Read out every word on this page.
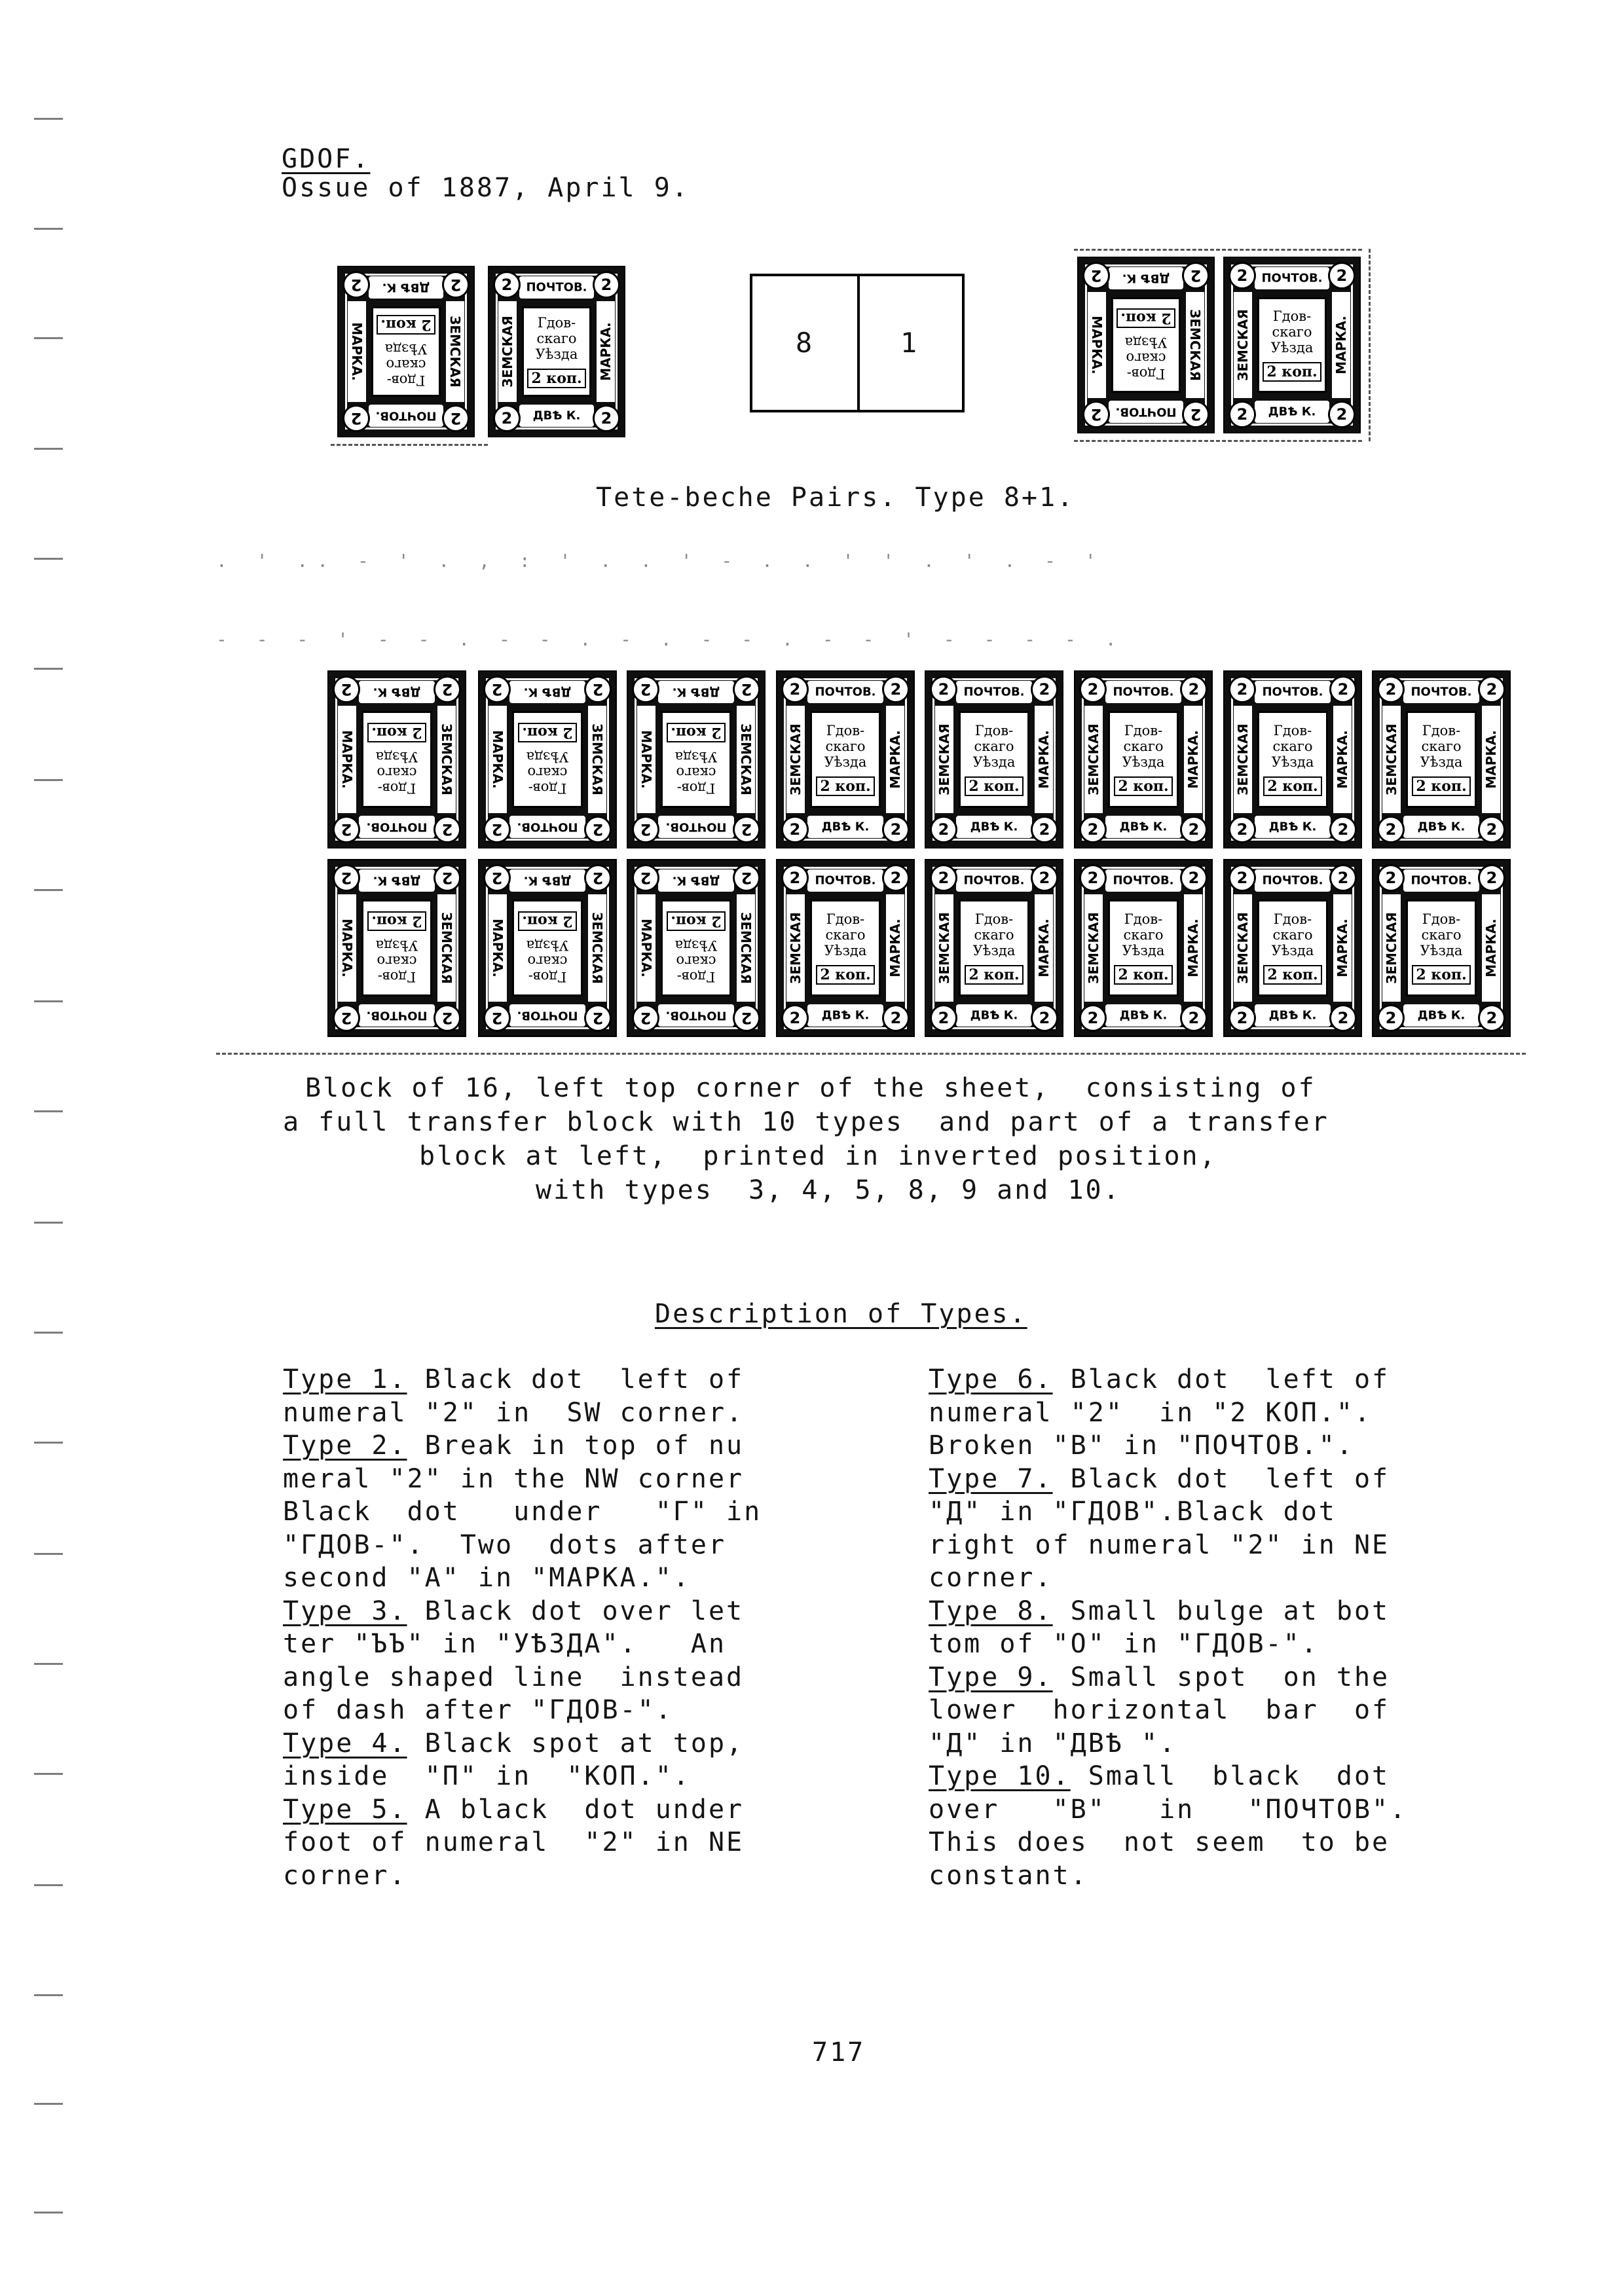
GDOF.
Ossue of 1887, April 9.
ПОЧТОВ.
ДВѢ К.
ЗЕМСКАЯ
МАРКА.
2
2
2
2
Гдов-
скаго
Уѣзда
2 коп.
ПОЧТОВ.
ДВѢ К.
ЗЕМСКАЯ	МАРКА.
2	2
2	2
Гдов-
скаго
Уѣзда
2 коп.
8	1
ПОЧТОВ.
ДВѢ К.
ЗЕМСКАЯ
МАРКА.
2
2
2
2
Гдов-
скаго
Уѣзда
2 коп.
ПОЧТОВ.
ДВѢ К.
ЗЕМСКАЯ	МАРКА.
2	2
2	2
Гдов-
скаго
Уѣзда
2 коп.
Tete-beche Pairs. Type 8+1.
. ' .. - ' . , : ' . . ' - . . ' ' . ' . - '
- - - ' - - . - - . - . - - . - - ' - - - - .
ПОЧТОВ.
ДВѢ К.
ЗЕМСКАЯ
МАРКА.
2
2
2
2
Гдов-
скаго
Уѣзда
2 коп.
ПОЧТОВ.
ДВѢ К.
ЗЕМСКАЯ
МАРКА.
2
2
2
2
Гдов-
скаго
Уѣзда
2 коп.
ПОЧТОВ.
ДВѢ К.
ЗЕМСКАЯ
МАРКА.
2
2
2
2
Гдов-
скаго
Уѣзда
2 коп.
ПОЧТОВ.
ДВѢ К.
ЗЕМСКАЯ	МАРКА.
2	2
2	2
Гдов-
скаго
Уѣзда
2 коп.
ПОЧТОВ.
ДВѢ К.
ЗЕМСКАЯ	МАРКА.
2	2
2	2
Гдов-
скаго
Уѣзда
2 коп.
ПОЧТОВ.
ДВѢ К.
ЗЕМСКАЯ	МАРКА.
2	2
2	2
Гдов-
скаго
Уѣзда
2 коп.
ПОЧТОВ.
ДВѢ К.
ЗЕМСКАЯ	МАРКА.
2	2
2	2
Гдов-
скаго
Уѣзда
2 коп.
ПОЧТОВ.
ДВѢ К.
ЗЕМСКАЯ	МАРКА.
2	2
2	2
Гдов-
скаго
Уѣзда
2 коп.
ПОЧТОВ.
ДВѢ К.
ЗЕМСКАЯ
МАРКА.
2
2
2
2
Гдов-
скаго
Уѣзда
2 коп.
ПОЧТОВ.
ДВѢ К.
ЗЕМСКАЯ
МАРКА.
2
2
2
2
Гдов-
скаго
Уѣзда
2 коп.
ПОЧТОВ.
ДВѢ К.
ЗЕМСКАЯ
МАРКА.
2
2
2
2
Гдов-
скаго
Уѣзда
2 коп.
ПОЧТОВ.
ДВѢ К.
ЗЕМСКАЯ	МАРКА.
2	2
2	2
Гдов-
скаго
Уѣзда
2 коп.
ПОЧТОВ.
ДВѢ К.
ЗЕМСКАЯ	МАРКА.
2	2
2	2
Гдов-
скаго
Уѣзда
2 коп.
ПОЧТОВ.
ДВѢ К.
ЗЕМСКАЯ	МАРКА.
2	2
2	2
Гдов-
скаго
Уѣзда
2 коп.
ПОЧТОВ.
ДВѢ К.
ЗЕМСКАЯ	МАРКА.
2	2
2	2
Гдов-
скаго
Уѣзда
2 коп.
ПОЧТОВ.
ДВѢ К.
ЗЕМСКАЯ	МАРКА.
2	2
2	2
Гдов-
скаго
Уѣзда
2 коп.
Block of 16, left top corner of the sheet,  consisting of
a full transfer block with 10 types  and part of a transfer
block at left,  printed in inverted position,
with types  3, 4, 5, 8, 9 and 10.
Description of Types.
Type 1. Black dot  left of
numeral "2" in  SW corner.
Type 2. Break in top of nu
meral "2" in the NW corner
Black  dot   under   "Г" in
"ГДОВ-".  Two  dots after
second "А" in "МАРКА.".
Type 3. Black dot over let
ter "ЪЪ" in "УѢЗДА".   An
angle shaped line  instead
of dash after "ГДОВ-".
Type 4. Black spot at top,
inside  "П" in  "КОП.".
Type 5. A black  dot under
foot of numeral  "2" in NE
corner.
Type 6. Black dot  left of
numeral "2"  in "2 КОП.".
Broken "В" in "ПОЧТОВ.".
Type 7. Black dot  left of
"Д" in "ГДОВ".Black dot
right of numeral "2" in NE
corner.
Type 8. Small bulge at bot
tom of "О" in "ГДОВ-".
Type 9. Small spot  on the
lower  horizontal  bar  of
"Д" in "ДВѢ ".
Type 10. Small  black  dot
over   "В"   in   "ПОЧТОВ".
This does  not seem  to be
constant.
717
